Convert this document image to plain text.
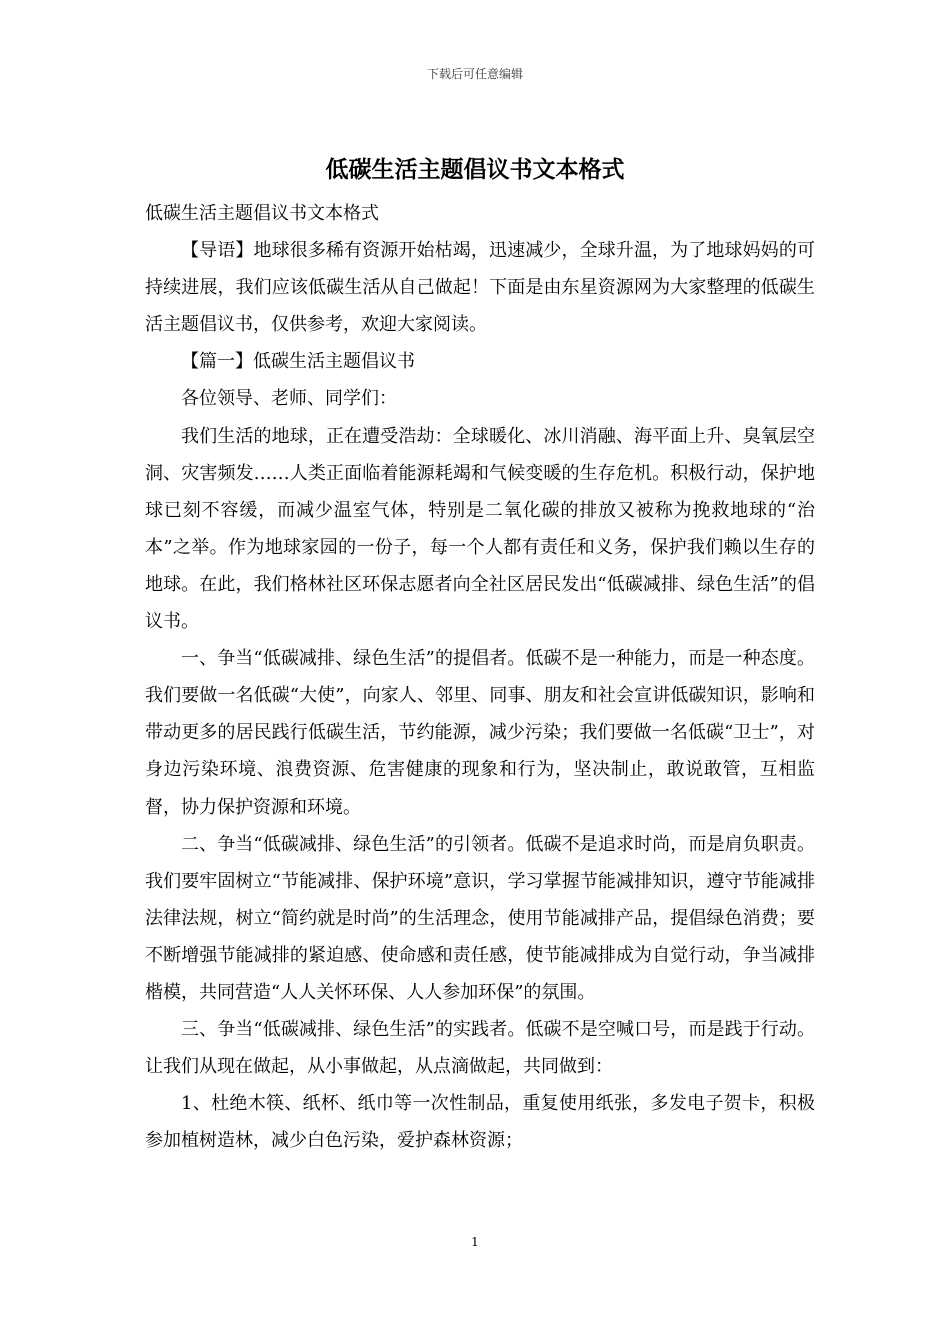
下载后可任意编辑
低碳生活主题倡议书文本格式

低碳生活主题倡议书文本格式

【导语】地球很多稀有资源开始枯竭，迅速减少，全球升温，为了地球妈妈的可持续进展，我们应该低碳生活从自己做起！下面是由东星资源网为大家整理的低碳生活主题倡议书，仅供参考，欢迎大家阅读。

【篇一】低碳生活主题倡议书

各位领导、老师、同学们：

我们生活的地球，正在遭受浩劫：全球暖化、冰川消融、海平面上升、臭氧层空洞、灾害频发……人类正面临着能源耗竭和气候变暖的生存危机。积极行动，保护地球已刻不容缓，而减少温室气体，特别是二氧化碳的排放又被称为挽救地球的“治本”之举。作为地球家园的一份子，每一个人都有责任和义务，保护我们赖以生存的地球。在此，我们格林社区环保志愿者向全社区居民发出“低碳减排、绿色生活”的倡议书。

一、争当“低碳减排、绿色生活”的提倡者。低碳不是一种能力，而是一种态度。我们要做一名低碳“大使”，向家人、邻里、同事、朋友和社会宣讲低碳知识，影响和带动更多的居民践行低碳生活，节约能源，减少污染；我们要做一名低碳“卫士”，对身边污染环境、浪费资源、危害健康的现象和行为，坚决制止，敢说敢管，互相监督，协力保护资源和环境。

二、争当“低碳减排、绿色生活”的引领者。低碳不是追求时尚，而是肩负职责。我们要牢固树立“节能减排、保护环境”意识，学习掌握节能减排知识，遵守节能减排法律法规，树立“简约就是时尚”的生活理念，使用节能减排产品，提倡绿色消费；要不断增强节能减排的紧迫感、使命感和责任感，使节能减排成为自觉行动，争当减排楷模，共同营造“人人关怀环保、人人参加环保”的氛围。

三、争当“低碳减排、绿色生活”的实践者。低碳不是空喊口号，而是践于行动。让我们从现在做起，从小事做起，从点滴做起，共同做到：

1、杜绝木筷、纸杯、纸巾等一次性制品，重复使用纸张，多发电子贺卡，积极参加植树造林，减少白色污染，爱护森林资源；

1
